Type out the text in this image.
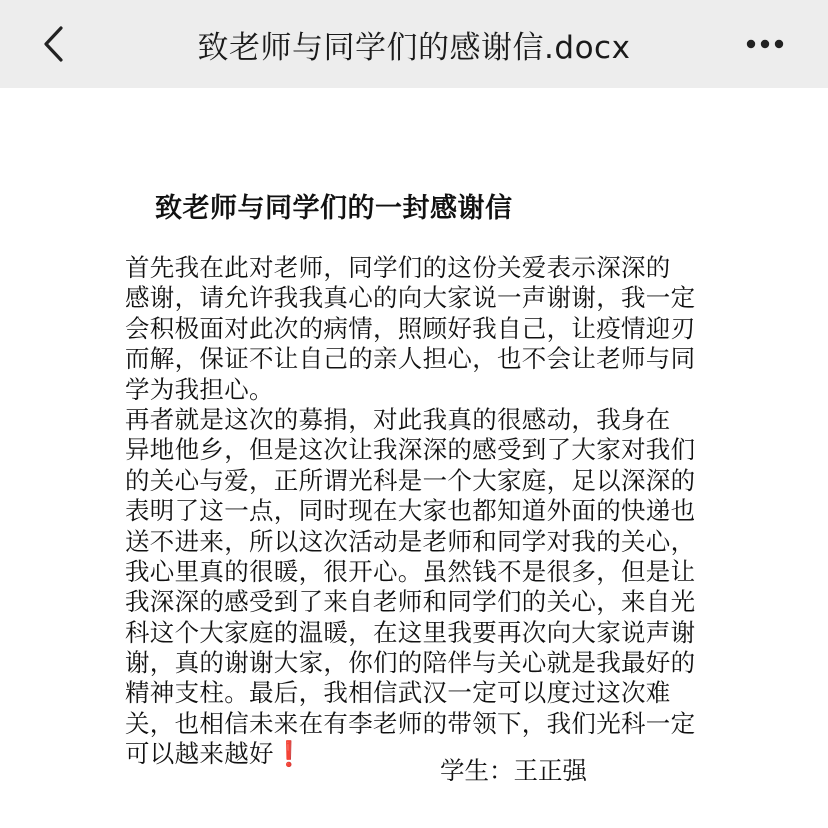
致老师与同学们的感谢信.docx
致老师与同学们的一封感谢信
首先我在此对老师，同学们的这份关爱表示深深的
感谢，请允许我我真心的向大家说一声谢谢，我一定
会积极面对此次的病情，照顾好我自己，让疫情迎刃
而解，保证不让自己的亲人担心，也不会让老师与同
学为我担心。
再者就是这次的募捐，对此我真的很感动，我身在
异地他乡，但是这次让我深深的感受到了大家对我们
的关心与爱，正所谓光科是一个大家庭，足以深深的
表明了这一点，同时现在大家也都知道外面的快递也
送不进来，所以这次活动是老师和同学对我的关心，
我心里真的很暖，很开心。虽然钱不是很多，但是让
我深深的感受到了来自老师和同学们的关心，来自光
科这个大家庭的温暖，在这里我要再次向大家说声谢
谢，真的谢谢大家，你们的陪伴与关心就是我最好的
精神支柱。最后，我相信武汉一定可以度过这次难
关，也相信未来在有李老师的带领下，我们光科一定
可以越来越好❗
学生：王正强
